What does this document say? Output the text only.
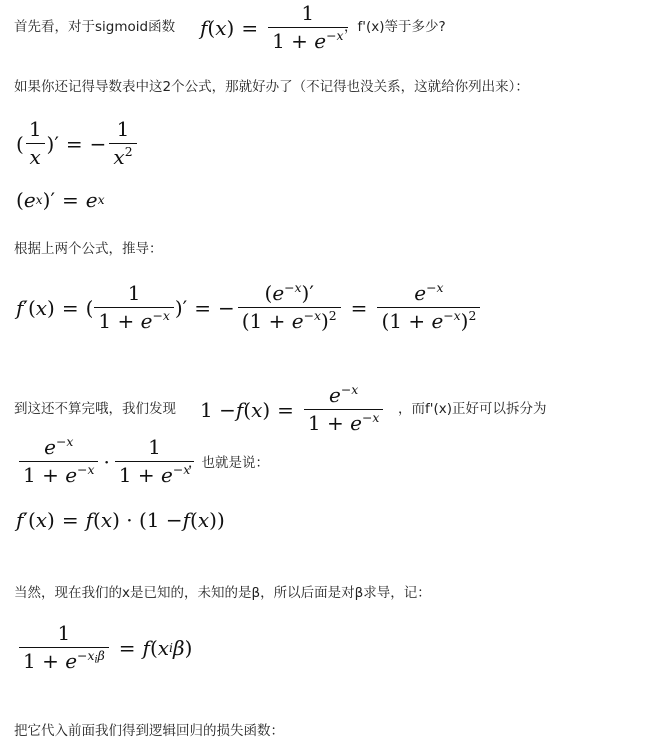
首先看，对于sigmoid函数 f ( x ) = $\frac{1}{1 + e^{-x}}$
，f'(x)等于多少?
如果你还记得导数表中这2个公式，那就好办了（不记得也没关系，这就给你列出来）：
( $\frac{1}{x}$ )′ = − $\frac{1}{x^2}$
( e x )′ = e x
根据上两个公式，推导：
f ′( x ) = ( $\frac{1}{1 + e^{-x}}$ )′ = − $\frac{(e^{-x})'}{(1 + e^{-x})^2} = \frac{e^{-x}}{(1 + e^{-x})^2}$
到这还不算完哦，我们发现 1 − f ( x ) = $\frac{e^{-x}}{1 + e^{-x}}$ ，而f'(x)正好可以拆分为
$\frac{e^{-x}}{1 + e^{-x}} \cdot \frac{1}{1 + e^{-x}}$
，也就是说：
f ′( x ) = f ( x ) · (1 − f ( x ))
当然，现在我们的x是已知的，未知的是β，所以后面是对β求导，记：
$\frac{1}{1 + e^{-x_i\beta}} = f$ ( x i β )
把它代入前面我们得到逻辑回归的损失函数：
